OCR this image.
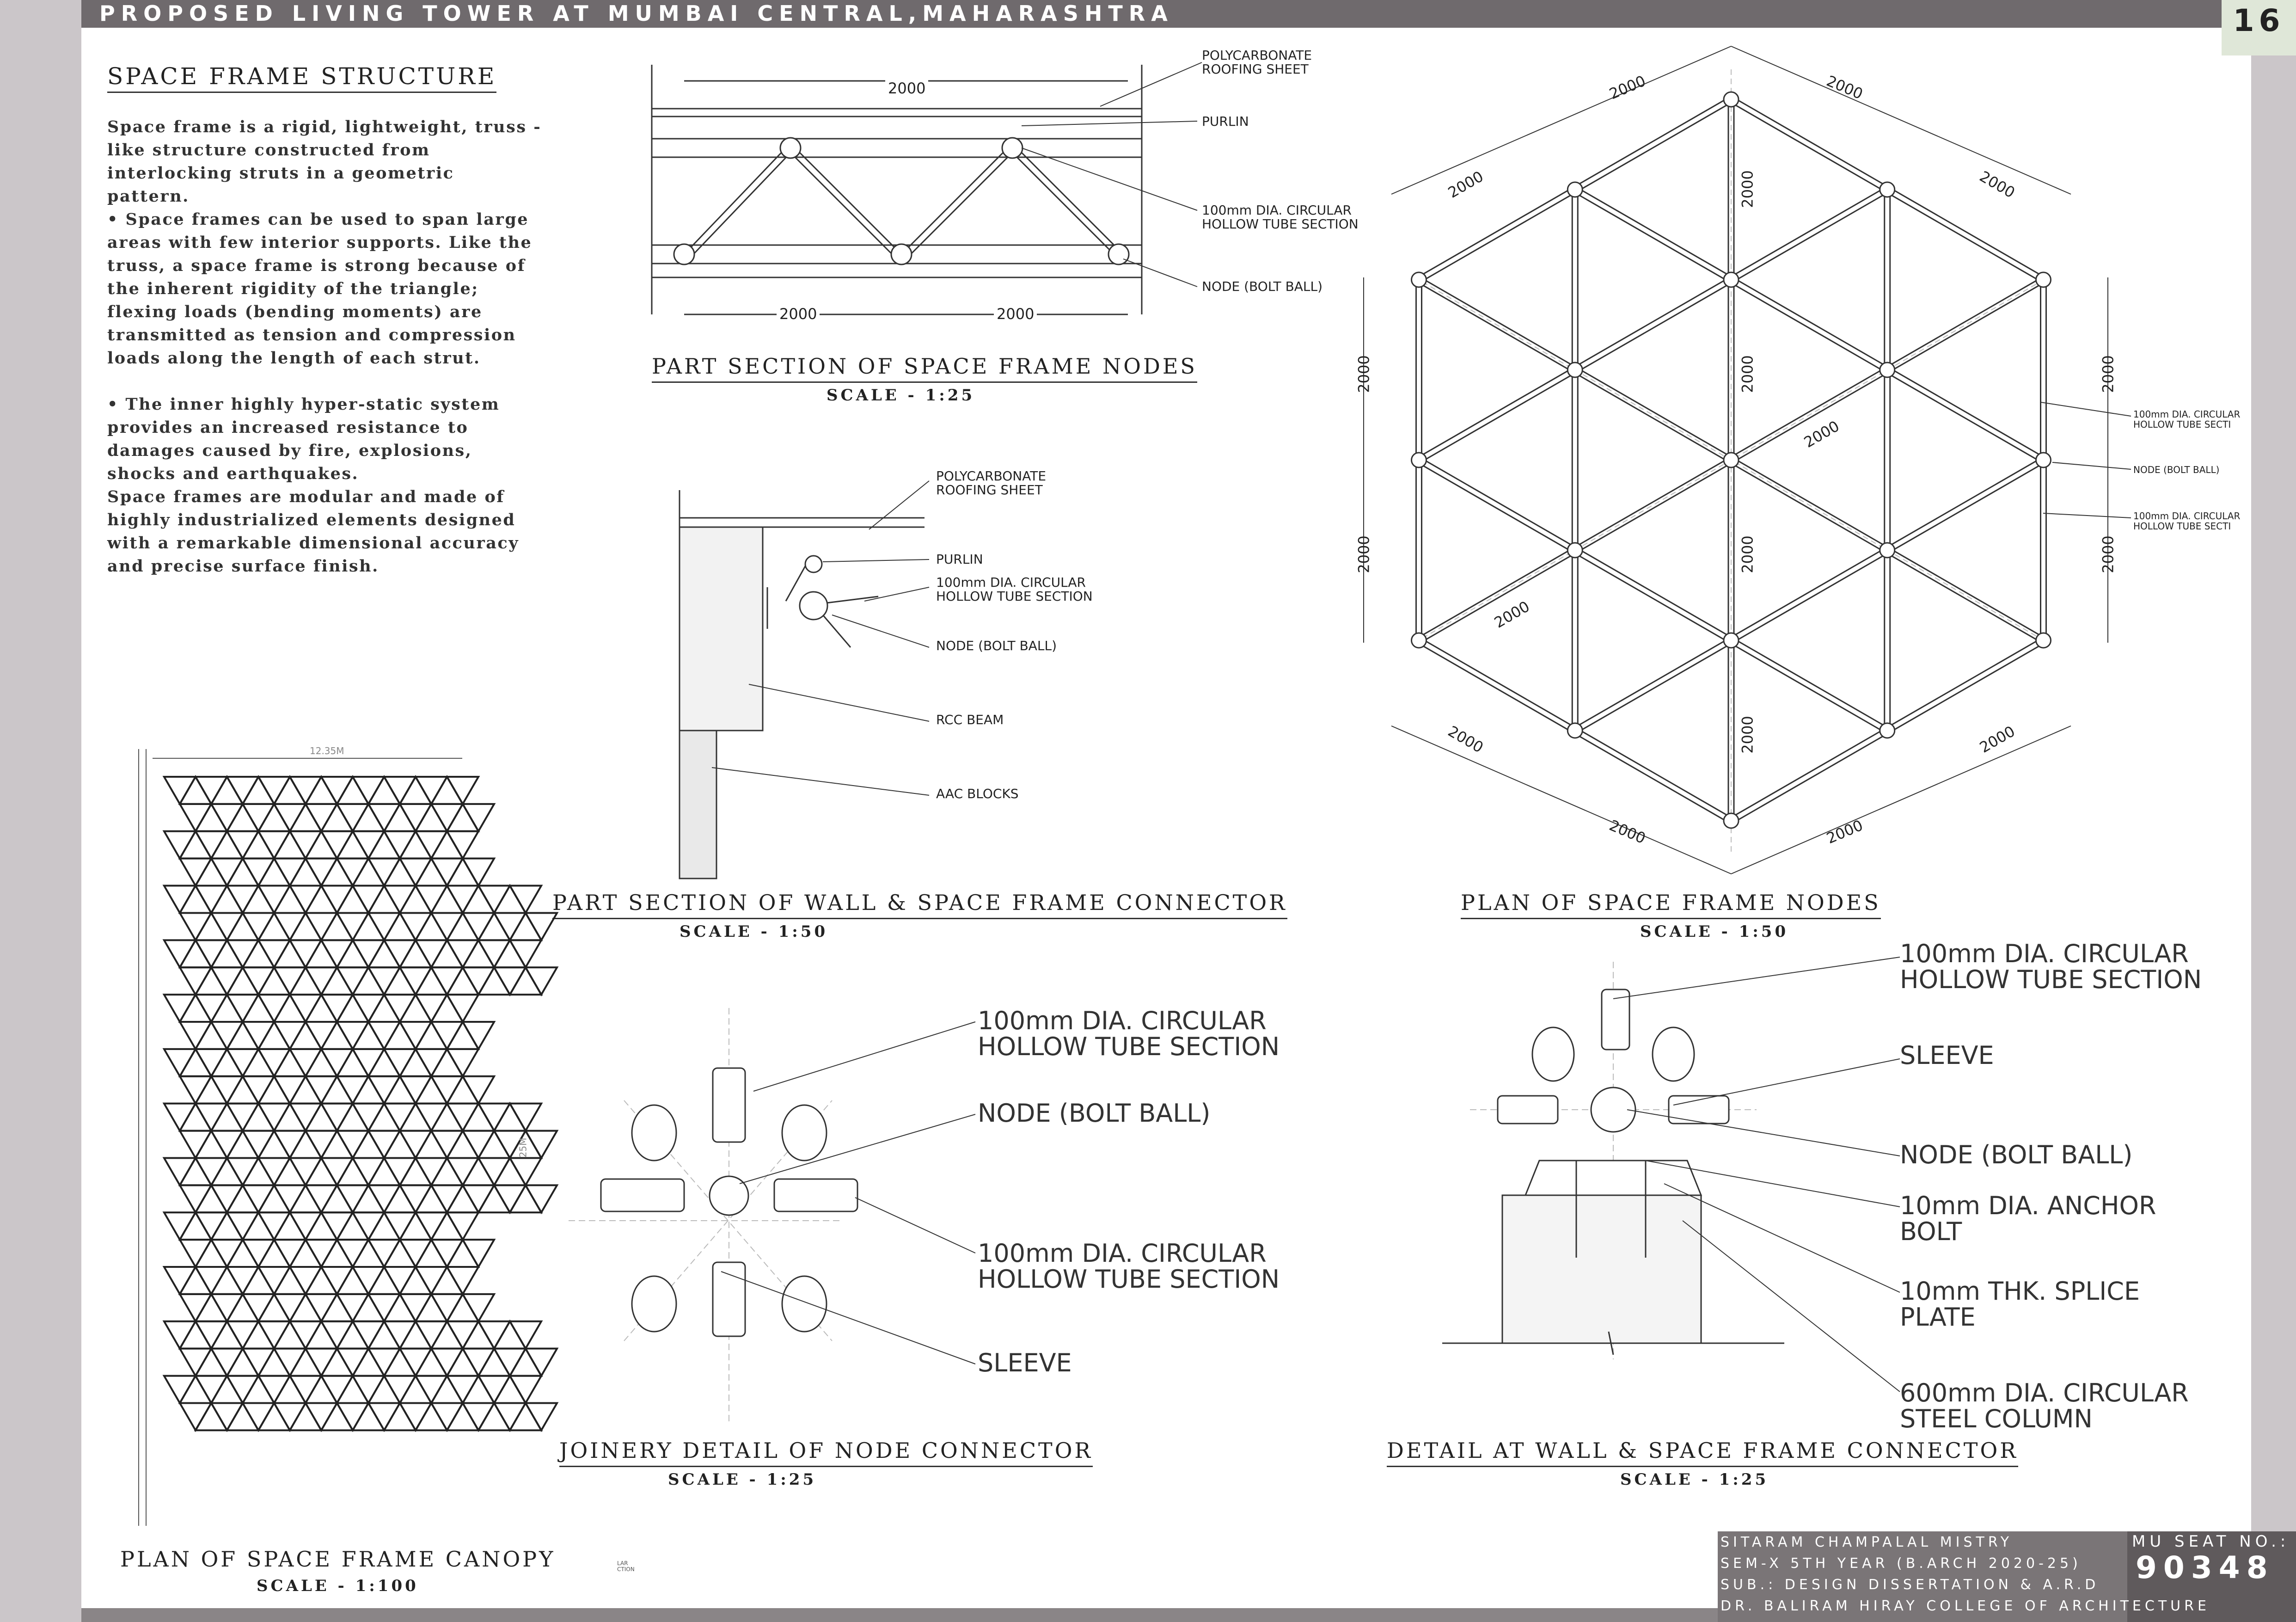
PROPOSED LIVING TOWER AT MUMBAI CENTRAL,MAHARASHTRA	16
SPACE FRAME STRUCTURE
Space frame is a rigid, lightweight, truss -like structure constructed from interlocking struts in a geometric pattern.
• Space frames can be used to span large areas with few interior supports. Like the truss, a space frame is strong because of the inherent rigidity of the triangle; flexing loads (bending moments) are transmitted as tension and compression loads along the length of each strut.
• The inner highly hyper-static system provides an increased resistance to damages caused by fire, explosions, shocks and earthquakes.
Space frames are modular and made of highly industrialized elements designed with a remarkable dimensional accuracy and precise surface finish.
2000
2000	2000
POLYCARBONATE
ROOFING SHEET
PURLIN
100mm DIA. CIRCULAR
HOLLOW TUBE SECTION
NODE (BOLT BALL)
PART SECTION OF SPACE FRAME NODES
SCALE - 1:25
POLYCARBONATE
ROOFING SHEET
PURLIN
100mm DIA. CIRCULAR
HOLLOW TUBE SECTION
NODE (BOLT BALL)
RCC BEAM
AAC BLOCKS
PART SECTION OF WALL & SPACE FRAME CONNECTOR
SCALE - 1:50
2000	2000
2000	2000
2000
2000
2000
2000
2000
2000
2000
2000
2000
2000
2000	2000
2000	2000
100mm DIA. CIRCULAR
HOLLOW TUBE SECTI
NODE (BOLT BALL)
100mm DIA. CIRCULAR
HOLLOW TUBE SECTI
PLAN OF SPACE FRAME NODES
SCALE - 1:50
12.35M
25M
PLAN OF SPACE FRAME CANOPY
SCALE - 1:100
100mm DIA. CIRCULAR
HOLLOW TUBE SECTION
NODE (BOLT BALL)
100mm DIA. CIRCULAR
HOLLOW TUBE SECTION
SLEEVE
JOINERY DETAIL OF NODE CONNECTOR
SCALE - 1:25
100mm DIA. CIRCULAR
HOLLOW TUBE SECTION
SLEEVE
NODE (BOLT BALL)
10mm DIA. ANCHOR
BOLT
10mm THK. SPLICE
PLATE
600mm DIA. CIRCULAR
STEEL COLUMN
DETAIL AT WALL & SPACE FRAME CONNECTOR
SCALE - 1:25
LAR
CTION
SITARAM CHAMPALAL MISTRY
SEM-X 5TH YEAR (B.ARCH 2020-25)
SUB.: DESIGN DISSERTATION & A.R.D
DR. BALIRAM HIRAY COLLEGE OF ARCHITECTURE
MU SEAT NO.:
90348
